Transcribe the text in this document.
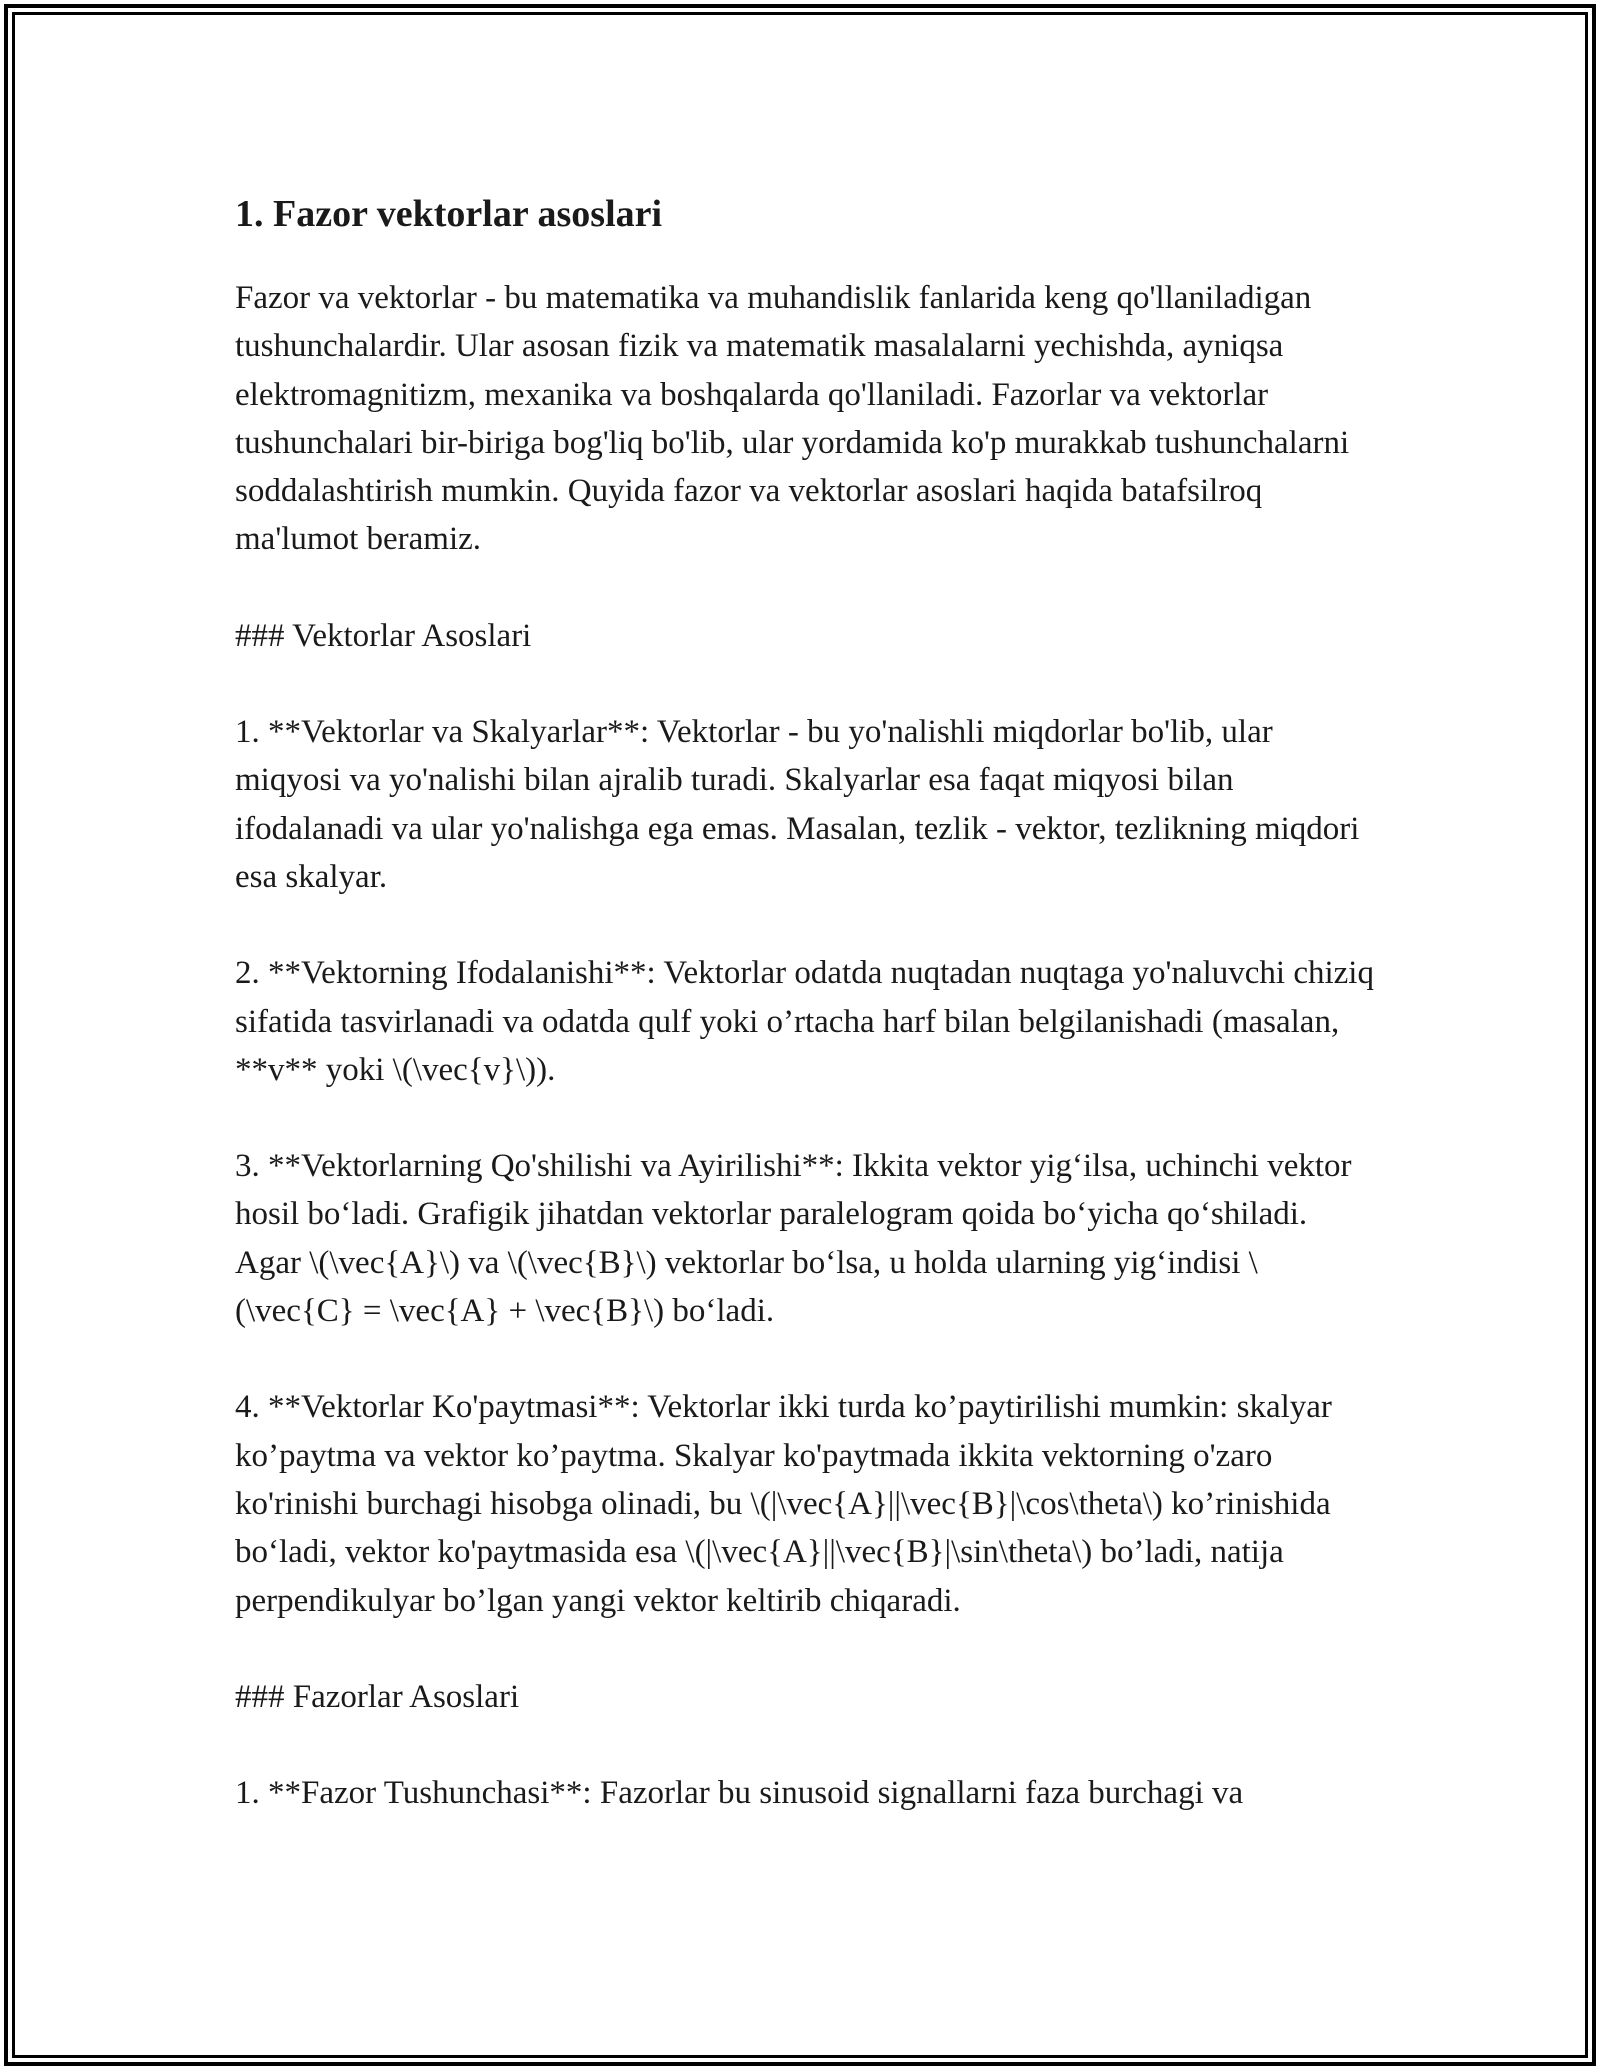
1. Fazor vektorlar asoslari

Fazor va vektorlar - bu matematika va muhandislik fanlarida keng qo'llaniladigan tushunchalardir. Ular asosan fizik va matematik masalalarni yechishda, ayniqsa elektromagnitizm, mexanika va boshqalarda qo'llaniladi. Fazorlar va vektorlar tushunchalari bir-biriga bog'liq bo'lib, ular yordamida ko'p murakkab tushunchalarni soddalashtirish mumkin. Quyida fazor va vektorlar asoslari haqida batafsilroq ma'lumot beramiz.

### Vektorlar Asoslari

1. **Vektorlar va Skalyarlar**: Vektorlar - bu yo'nalishli miqdorlar bo'lib, ular miqyosi va yo'nalishi bilan ajralib turadi. Skalyarlar esa faqat miqyosi bilan ifodalanadi va ular yo'nalishga ega emas. Masalan, tezlik - vektor, tezlikning miqdori esa skalyar.

2. **Vektorning Ifodalanishi**: Vektorlar odatda nuqtadan nuqtaga yo'naluvchi chiziq sifatida tasvirlanadi va odatda qulf yoki o’rtacha harf bilan belgilanishadi (masalan, **v** yoki \(\vec{v}\)).

3. **Vektorlarning Qo'shilishi va Ayirilishi**: Ikkita vektor yig‘ilsa, uchinchi vektor hosil bo‘ladi. Grafigik jihatdan vektorlar paralelogram qoida bo‘yicha qo‘shiladi. Agar \(\vec{A}\) va \(\vec{B}\) vektorlar bo‘lsa, u holda ularning yig‘indisi \(\vec{C} = \vec{A} + \vec{B}\) bo‘ladi.

4. **Vektorlar Ko'paytmasi**: Vektorlar ikki turda ko’paytirilishi mumkin: skalyar ko’paytma va vektor ko’paytma. Skalyar ko'paytmada ikkita vektorning o'zaro ko'rinishi burchagi hisobga olinadi, bu \(|\vec{A}||\vec{B}|\cos\theta\) ko’rinishida bo‘ladi, vektor ko'paytmasida esa \(|\vec{A}||\vec{B}|\sin\theta\) bo’ladi, natija perpendikulyar bo’lgan yangi vektor keltirib chiqaradi.

### Fazorlar Asoslari

1. **Fazor Tushunchasi**: Fazorlar bu sinusoid signallarni faza burchagi va
